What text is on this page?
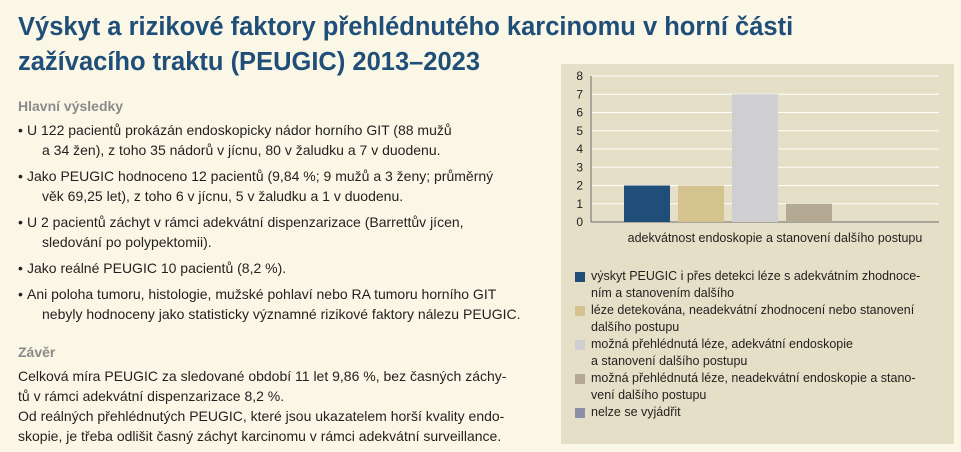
Výskyt a rizikové faktory přehlédnutého karcinomu v horní části
zažívacího traktu (PEUGIC) 2013–2023
Hlavní výsledky
• U 122 pacientů prokázán endoskopicky nádor horního GIT (88 mužů
a 34 žen), z toho 35 nádorů v jícnu, 80 v žaludku a 7 v duodenu.
• Jako PEUGIC hodnoceno 12 pacientů (9,84 %; 9 mužů a 3 ženy; průměrný
věk 69,25 let), z toho 6 v jícnu, 5 v žaludku a 1 v duodenu.
• U 2 pacientů záchyt v rámci adekvátní dispenzarizace (Barrettův jícen,
sledování po polypektomii).
• Jako reálné PEUGIC 10 pacientů (8,2 %).
• Ani poloha tumoru, histologie, mužské pohlaví nebo RA tumoru horního GIT
nebyly hodnoceny jako statisticky významné rizikové faktory nálezu PEUGIC.
Závěr

Celková míra PEUGIC za sledované období 11 let 9,86 %, bez časných záchy-

tů v rámci adekvátní dispenzarizace 8,2 %.

Od reálných přehlédnutých PEUGIC, které jsou ukazatelem horší kvality endo-

skopie, je třeba odlišit časný záchyt karcinomu v rámci adekvátní surveillance.

0
1
2
3
4
5
6
7
8
adekvátnost endoskopie a stanovení dalšího postupu
výskyt PEUGIC i přes detekci léze s adekvátním zhodnoce-
ním a stanovením dalšího
léze detekována, neadekvátní zhodnocení nebo stanovení
dalšího postupu
možná přehlédnutá léze, adekvátní endoskopie
a stanovení dalšího postupu
možná přehlédnutá léze, neadekvátní endoskopie a stano-
vení dalšího postupu
nelze se vyjádřit
